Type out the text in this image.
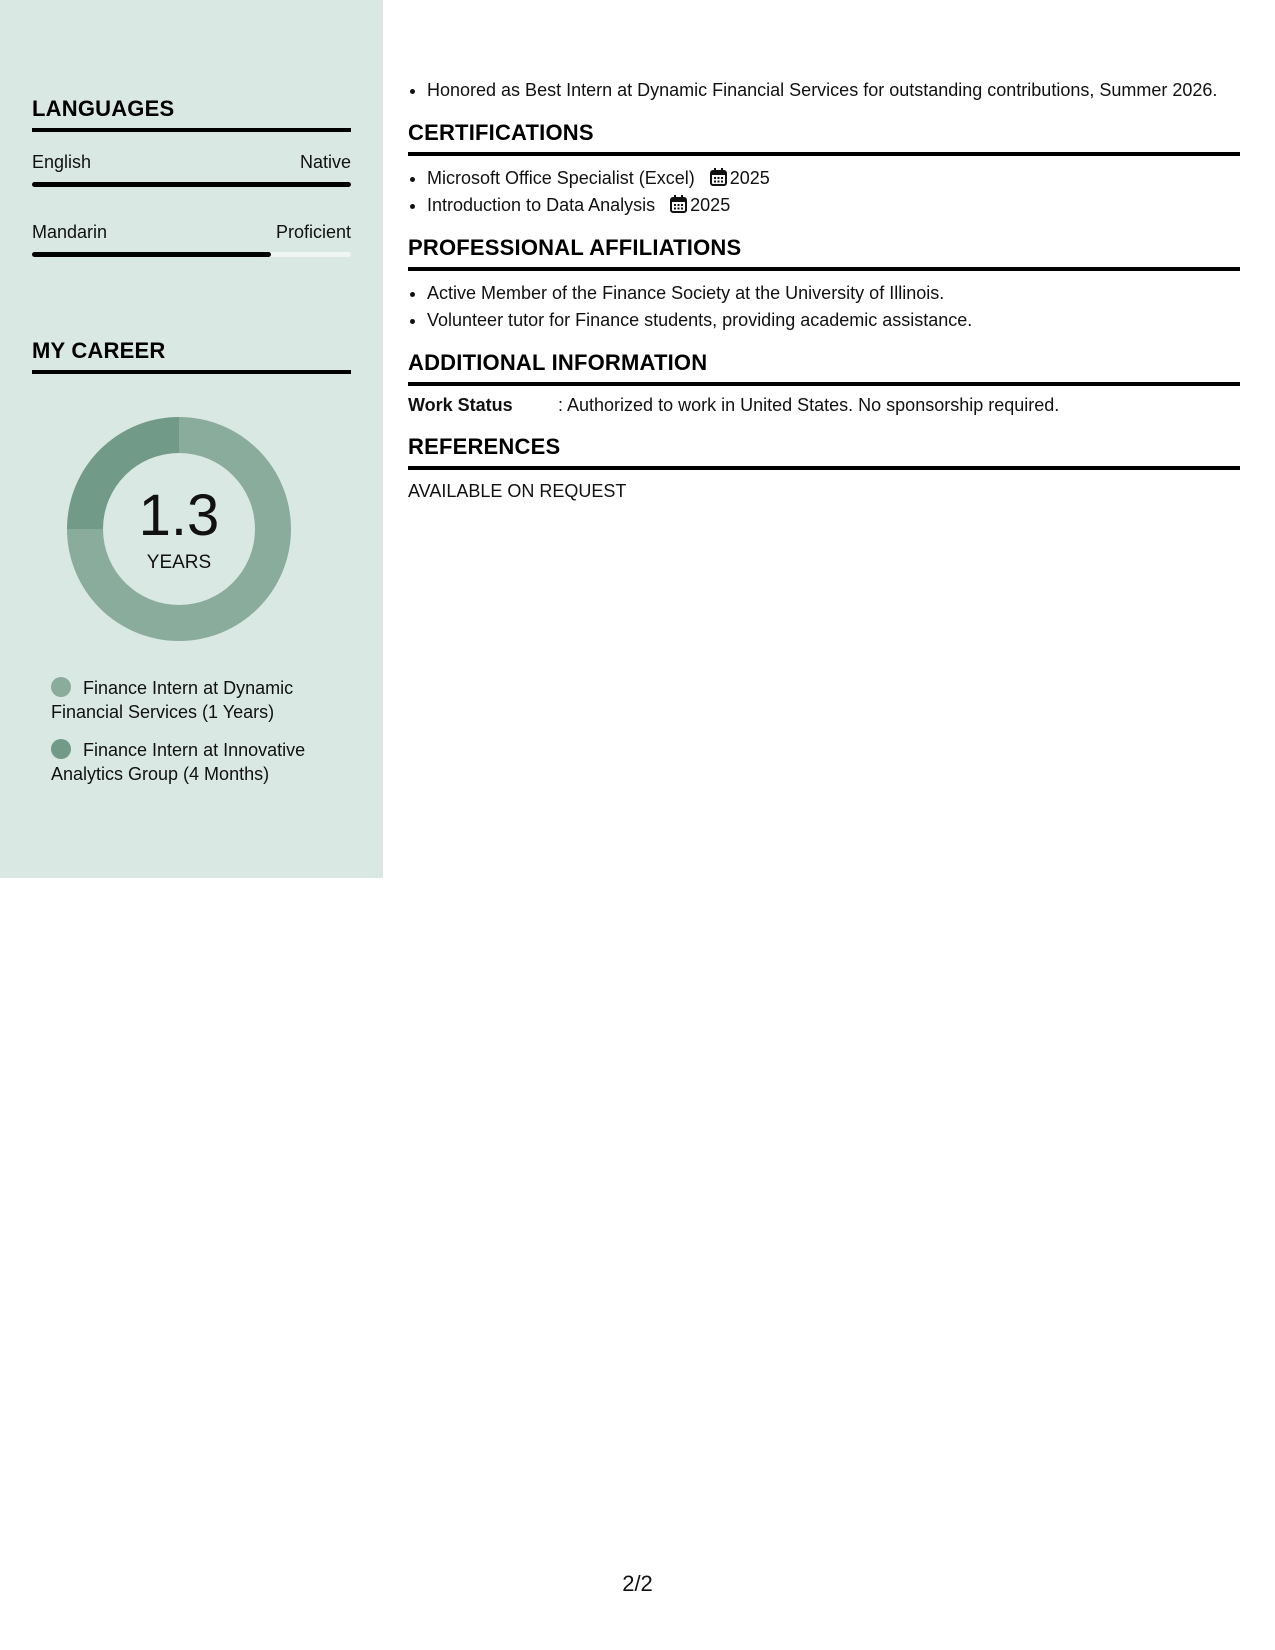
LANGUAGES
English	Native
Mandarin	Proficient
MY CAREER
1.3
YEARS
Finance Intern at Dynamic Financial Services (1 Years)
Finance Intern at Innovative Analytics Group (4 Months)
• Honored as Best Intern at Dynamic Financial Services for outstanding contributions, Summer 2026.
CERTIFICATIONS
• Microsoft Office Specialist (Excel) 2025
• Introduction to Data Analysis 2025
PROFESSIONAL AFFILIATIONS
• Active Member of the Finance Society at the University of Illinois.
• Volunteer tutor for Finance students, providing academic assistance.
ADDITIONAL INFORMATION
Work Status	: Authorized to work in United States. No sponsorship required.
REFERENCES
AVAILABLE ON REQUEST
2/2
